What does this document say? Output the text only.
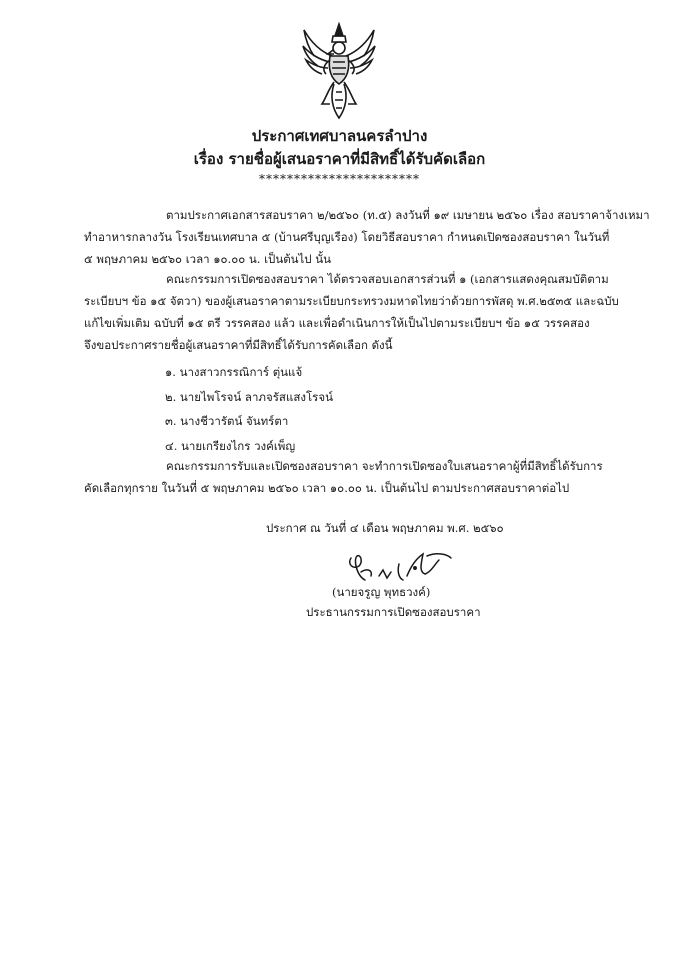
ประกาศเทศบาลนครลำปาง
เรื่อง รายชื่อผู้เสนอราคาที่มีสิทธิ์ได้รับคัดเลือก
***********************
ตามประกาศเอกสารสอบราคา ๒/๒๕๖๐ (ท.๕) ลงวันที่ ๑๙ เมษายน ๒๕๖๐ เรื่อง สอบราคาจ้างเหมา
ทำอาหารกลางวัน โรงเรียนเทศบาล ๕ (บ้านศรีบุญเรือง) โดยวิธีสอบราคา กำหนดเปิดซองสอบราคา ในวันที่
๕ พฤษภาคม ๒๕๖๐ เวลา ๑๐.๐๐ น. เป็นต้นไป นั้น
คณะกรรมการเปิดซองสอบราคา ได้ตรวจสอบเอกสารส่วนที่ ๑ (เอกสารแสดงคุณสมบัติตาม
ระเบียบฯ ข้อ ๑๕ จัตวา) ของผู้เสนอราคาตามระเบียบกระทรวงมหาดไทยว่าด้วยการพัสดุ พ.ศ.๒๕๓๕ และฉบับ
แก้ไขเพิ่มเติม ฉบับที่ ๑๕ ตรี วรรคสอง แล้ว และเพื่อดำเนินการให้เป็นไปตามระเบียบฯ ข้อ ๑๕ วรรคสอง
จึงขอประกาศรายชื่อผู้เสนอราคาที่มีสิทธิ์ได้รับการคัดเลือก ดังนี้
๑. นางสาวกรรณิการ์ ตุ่นแจ้
๒. นายไพโรจน์ ลาภจรัสแสงโรจน์
๓. นางชีวารัตน์ จันทร์ตา
๔. นายเกรียงไกร วงค์เพ็ญ
คณะกรรมการรับและเปิดซองสอบราคา จะทำการเปิดซองใบเสนอราคาผู้ที่มีสิทธิ์ได้รับการ
คัดเลือกทุกราย ในวันที่ ๕ พฤษภาคม ๒๕๖๐ เวลา ๑๐.๐๐ น. เป็นต้นไป ตามประกาศสอบราคาต่อไป
ประกาศ ณ วันที่ ๔ เดือน พฤษภาคม พ.ศ. ๒๕๖๐
(นายจรูญ พุทธวงค์)
ประธานกรรมการเปิดซองสอบราคา
